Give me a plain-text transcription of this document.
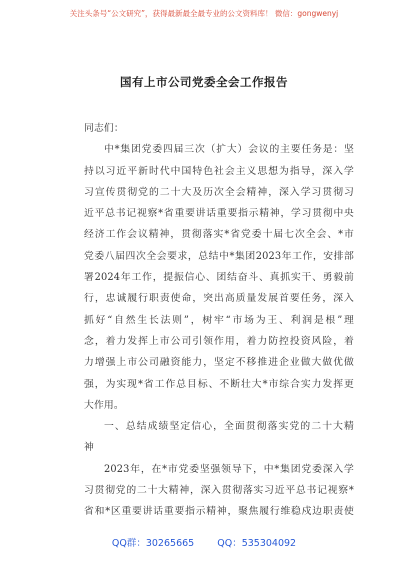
关注头条号“公文研究”，获得最新最全最专业的公文资料库！ 微信：gongwenyj
国有上市公司党委全会工作报告
同志们：
中*集团党委四届三次（扩大）会议的主要任务是：坚
持以习近平新时代中国特色社会主义思想为指导，深入学
习宣传贯彻党的二十大及历次全会精神，深入学习贯彻习
近平总书记视察*省重要讲话重要指示精神，学习贯彻中央
经济工作会议精神，贯彻落实*省党委十届七次全会、*市
党委八届四次全会要求，总结中*集团2023年工作，安排部
署2024年工作，提振信心、团结奋斗、真抓实干、勇毅前
行，忠诚履行职责使命，突出高质量发展首要任务，深入
抓好“自然生长法则”，树牢“市场为王、利润是根”理
念，着力发挥上市公司引领作用，着力防控投资风险，着
力增强上市公司融资能力，坚定不移推进企业做大做优做
强，为实现*省工作总目标、不断壮大*市综合实力发挥更
大作用。
一、总结成绩坚定信心，全面贯彻落实党的二十大精
神
2023年，在*市党委坚强领导下，中*集团党委深入学
习贯彻党的二十大精神，深入贯彻落实习近平总书记视察*
省和*区重要讲话重要指示精神，聚焦履行维稳戍边职责使
QQ群：30265665 QQ：535304092
